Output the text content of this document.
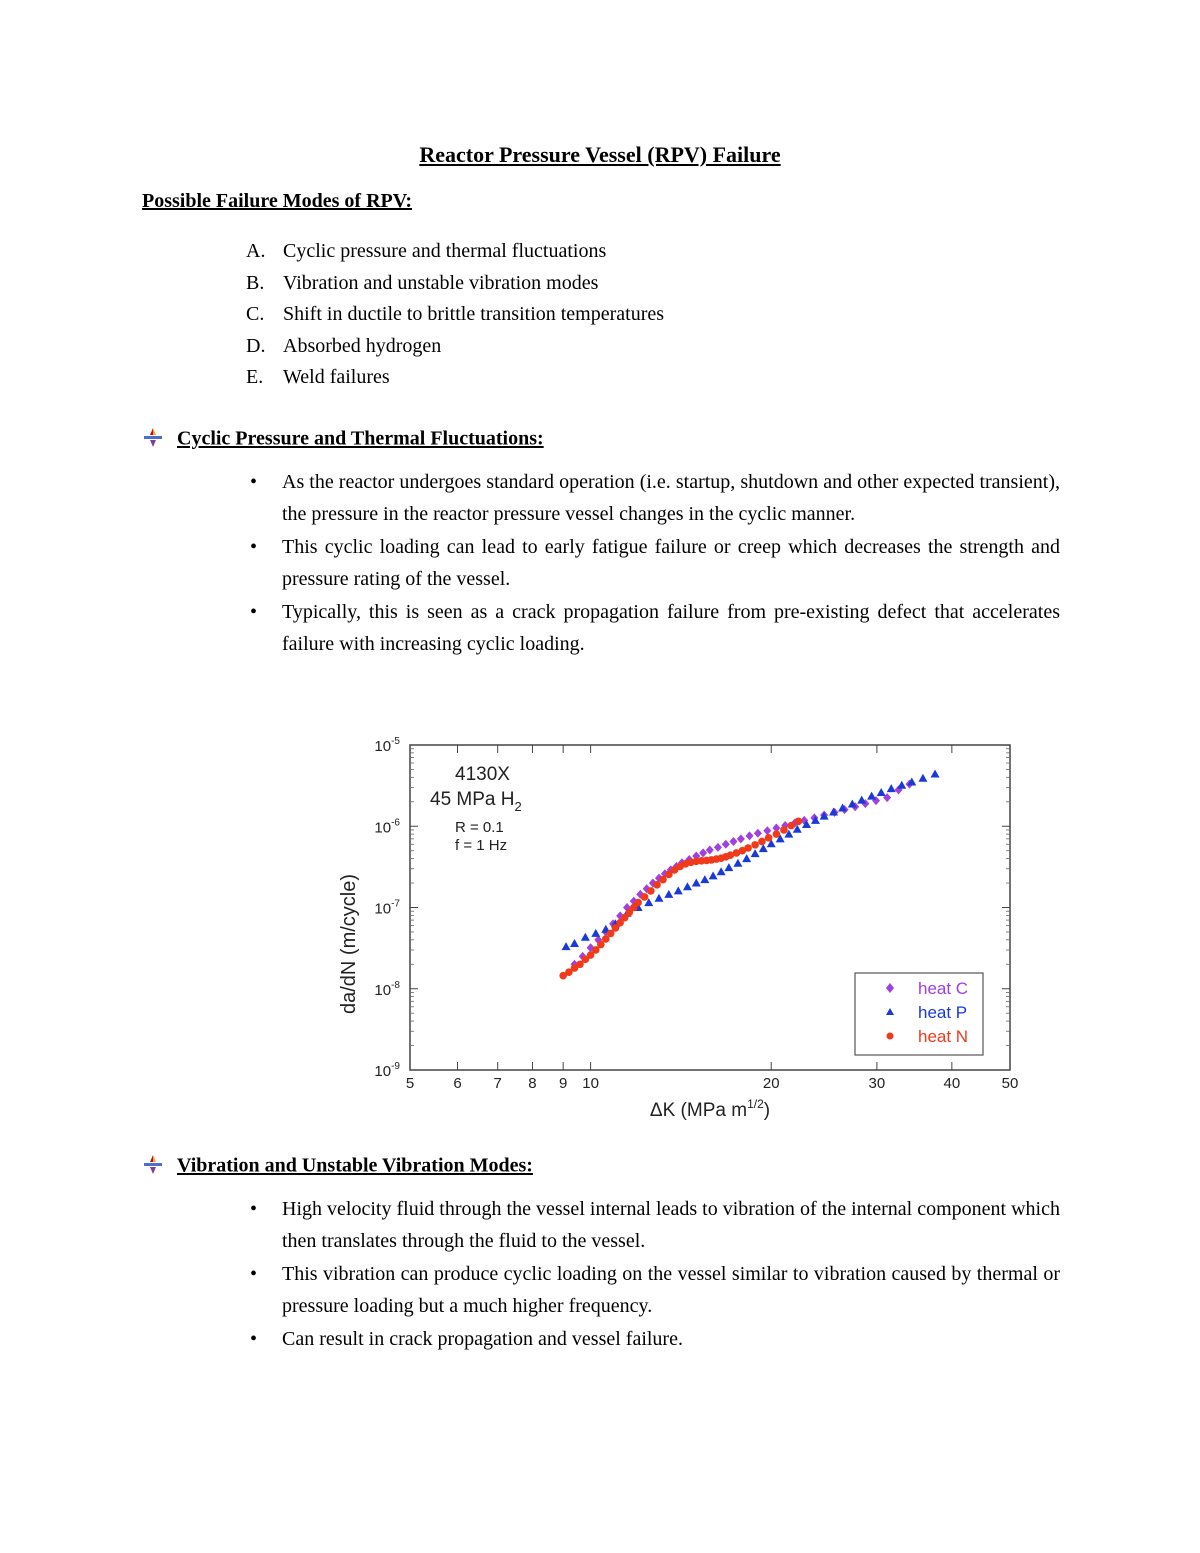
Reactor Pressure Vessel (RPV) Failure
Possible Failure Modes of RPV:
A. Cyclic pressure and thermal fluctuations
B. Vibration and unstable vibration modes
C. Shift in ductile to brittle transition temperatures
D. Absorbed hydrogen
E. Weld failures
Cyclic Pressure and Thermal Fluctuations:
• As the reactor undergoes standard operation (i.e. startup, shutdown and other expected transient), the pressure in the reactor pressure vessel changes in the cyclic manner.
• This cyclic loading can lead to early fatigue failure or creep which decreases the strength and pressure rating of the vessel.
• Typically, this is seen as a crack propagation failure from pre-existing defect that accelerates failure with increasing cyclic loading.
da/dN (m/cycle)
$10^{-9}$
$10^{-8}$
$10^{-7}$
$10^{-6}$
$10^{-5}$
5	6 7 8 9 10	20	30	40	50
4130X
45 MPa $H_2$
R = 0.1
f = 1 Hz
heat C
heat P
heat N
ΔK (MPa $m^{1/2}$)
Vibration and Unstable Vibration Modes:
• High velocity fluid through the vessel internal leads to vibration of the internal component which then translates through the fluid to the vessel.
• This vibration can produce cyclic loading on the vessel similar to vibration caused by thermal or pressure loading but a much higher frequency.
• Can result in crack propagation and vessel failure.
